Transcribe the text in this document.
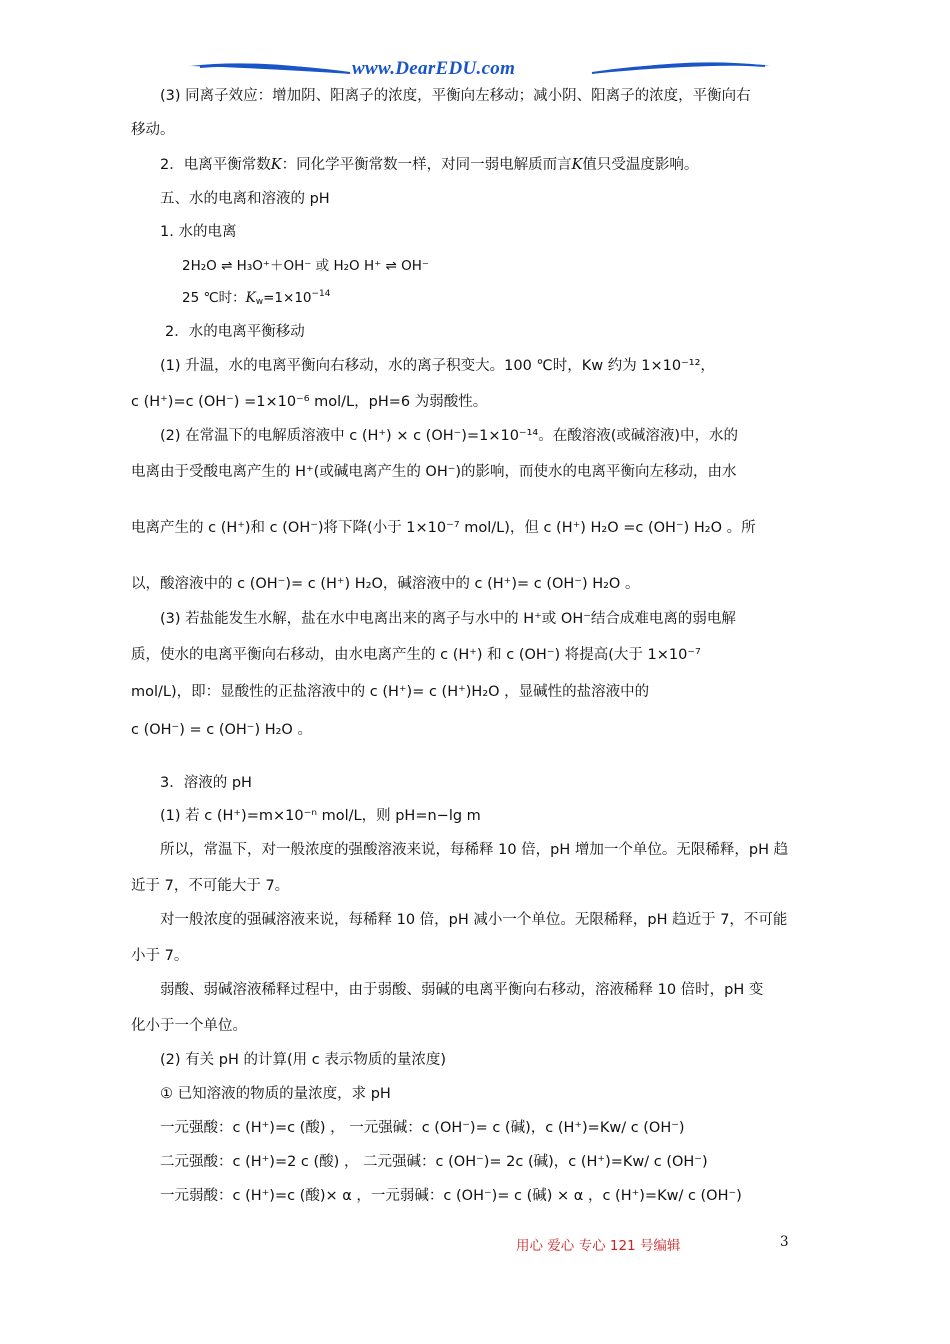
www.DearEDU.com
(3) 同离子效应：增加阴、阳离子的浓度，平衡向左移动；减小阴、阳离子的浓度，平衡向右
移动。
2．电离平衡常数K：同化学平衡常数一样，对同一弱电解质而言K值只受温度影响。
五、水的电离和溶液的 pH
1. 水的电离
2H₂O ⇌ H₃O⁺＋OH⁻ 或 H₂O H⁺ ⇌ OH⁻
25 ℃时：$K_w=1\times 10^{-14}$
2．水的电离平衡移动
(1) 升温，水的电离平衡向右移动，水的离子积变大。100 ℃时，Kw 约为 1×10⁻¹²，
c (H⁺)=c (OH⁻) =1×10⁻⁶ mol/L，pH=6 为弱酸性。
(2) 在常温下的电解质溶液中 c (H⁺) × c (OH⁻)=1×10⁻¹⁴。在酸溶液(或碱溶液)中，水的
电离由于受酸电离产生的 H⁺(或碱电离产生的 OH⁻)的影响，而使水的电离平衡向左移动，由水
电离产生的 c (H⁺)和 c (OH⁻)将下降(小于 1×10⁻⁷ mol/L)，但 c (H⁺) H₂O =c (OH⁻) H₂O 。所
以，酸溶液中的 c (OH⁻)= c (H⁺) H₂O，碱溶液中的 c (H⁺)= c (OH⁻) H₂O 。
(3) 若盐能发生水解，盐在水中电离出来的离子与水中的 H⁺或 OH⁻结合成难电离的弱电解
质，使水的电离平衡向右移动，由水电离产生的 c (H⁺) 和 c (OH⁻) 将提高(大于 1×10⁻⁷
mol/L)，即：显酸性的正盐溶液中的 c (H⁺)= c (H⁺)H₂O ，显碱性的盐溶液中的
c (OH⁻) = c (OH⁻) H₂O 。
3．溶液的 pH
(1) 若 c (H⁺)=m×10⁻ⁿ mol/L，则 pH=n−lg m
所以，常温下，对一般浓度的强酸溶液来说，每稀释 10 倍，pH 增加一个单位。无限稀释，pH 趋
近于 7，不可能大于 7。
对一般浓度的强碱溶液来说，每稀释 10 倍，pH 减小一个单位。无限稀释，pH 趋近于 7，不可能
小于 7。
弱酸、弱碱溶液稀释过程中，由于弱酸、弱碱的电离平衡向右移动，溶液稀释 10 倍时，pH 变
化小于一个单位。
(2) 有关 pH 的计算(用 c 表示物质的量浓度)
① 已知溶液的物质的量浓度，求 pH
一元强酸：c (H⁺)=c (酸) ， 一元强碱：c (OH⁻)= c (碱)，c (H⁺)=Kw/ c (OH⁻)
二元强酸：c (H⁺)=2 c (酸) ， 二元强碱：c (OH⁻)= 2c (碱)，c (H⁺)=Kw/ c (OH⁻)
一元弱酸：c (H⁺)=c (酸)× α ，一元弱碱：c (OH⁻)= c (碱) × α ，c (H⁺)=Kw/ c (OH⁻)
用心 爱心 专心 121 号编辑	3
